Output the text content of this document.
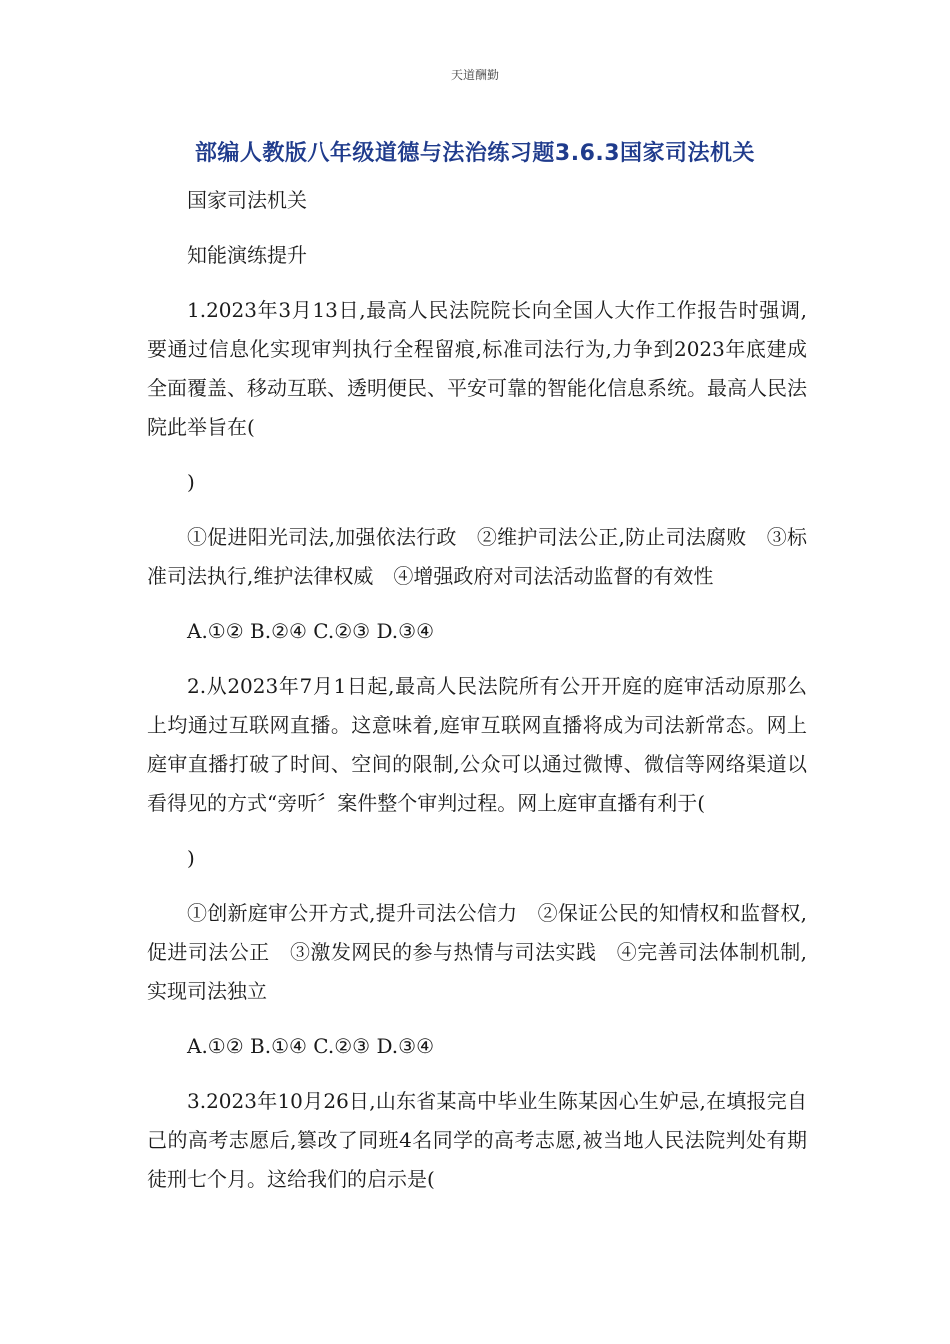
天道酬勤
部编人教版八年级道德与法治练习题3.6.3国家司法机关

国家司法机关

知能演练提升

1.2023年3月13日,最高人民法院院长向全国人大作工作报告时强调,要通过信息化实现审判执行全程留痕,标准司法行为,力争到2023年底建成全面覆盖、移动互联、透明便民、平安可靠的智能化信息系统。最高人民法院此举旨在(

)

①促进阳光司法,加强依法行政　②维护司法公正,防止司法腐败　③标准司法执行,维护法律权威　④增强政府对司法活动监督的有效性

A.①② B.②④ C.②③ D.③④

2.从2023年7月1日起,最高人民法院所有公开开庭的庭审活动原那么上均通过互联网直播。这意味着,庭审互联网直播将成为司法新常态。网上庭审直播打破了时间、空间的限制,公众可以通过微博、微信等网络渠道以看得见的方式“旁听〞案件整个审判过程。网上庭审直播有利于(

)

①创新庭审公开方式,提升司法公信力　②保证公民的知情权和监督权,促进司法公正　③激发网民的参与热情与司法实践　④完善司法体制机制,实现司法独立

A.①② B.①④ C.②③ D.③④

3.2023年10月26日,山东省某高中毕业生陈某因心生妒忌,在填报完自己的高考志愿后,篡改了同班4名同学的高考志愿,被当地人民法院判处有期徒刑七个月。这给我们的启示是(
